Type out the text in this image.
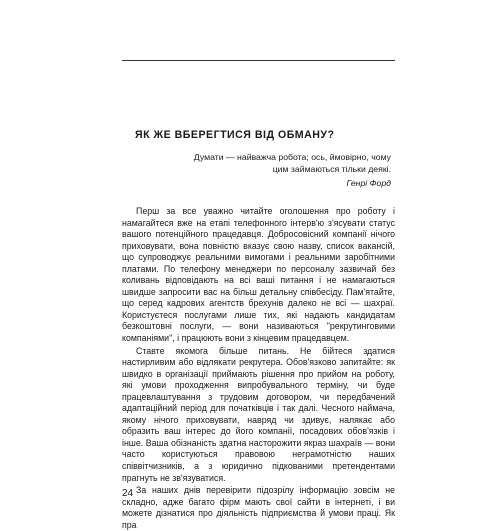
ЯК ЖЕ ВБЕРЕГТИСЯ ВІД ОБМАНУ?
Думати — найважча робота; ось, ймовірно, чому цим займаються тільки деякі.
Генрі Форд

Перш за все уважно читайте оголошення про роботу і намагайтеся вже на етапі телефонного інтерв'ю з'ясувати статус вашого потенційного працедавця. Добросовісний компанії нічого приховувати, вона повністю вказує свою назву, список вакансій, що супроводжує реальними вимогами і реальними заробітними платами. По телефону менеджери по персоналу зазвичай без коливань відповідають на всі ваші питання і не намагаються швидше запросити вас на більш детальну співбесіду. Пам'ятайте, що серед кадрових агентств брехунів далеко не всі — шахраї. Користуєтеся послугами лише тих, які надають кандидатам безкоштовні послуги, — вони називаються "рекрутинговими компаніями", і працюють вони з кінцевим працедавцем.

Ставте якомога більше питань. Не бійтеся здатися настирливим або відлякати рекрутера. Обов'язково запитайте: як швидко в організації приймають рішення про прийом на роботу, які умови проходження випробувального терміну, чи буде працевлаштування з трудовим договором, чи передбачений адаптаційний період для початківців і так далі. Чесного наймача, якому нічого приховувати, навряд чи здивує, налякає або образить ваш інтерес до його компанії, посадових обов'язків і інше. Ваша обізнаність здатна насторожити якраз шахраїв — вони часто користуються правовою неграмотністю наших співвітчизників, а з юридично підкованими претендентами прагнуть не зв'язуватися.

За наших днів перевірити підозрілу інформацію зовсім не складно, адже багато фірм мають свої сайти в інтернеті, і ви можете дізнатися про діяльність підприємства й умови праці. Як пра

24
